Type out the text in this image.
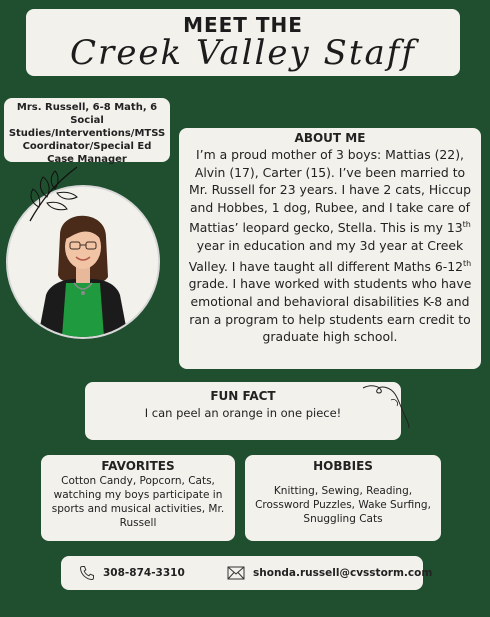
MEET THE
Creek Valley Staff
Mrs. Russell, 6-8 Math, 6 Social Studies/Interventions/MTSS Coordinator/Special Ed Case Manager
ABOUT ME
I’m a proud mother of 3 boys: Mattias (22), Alvin (17), Carter (15). I’ve been married to Mr. Russell for 23 years. I have 2 cats, Hiccup and Hobbes, 1 dog, Rubee, and I take care of Mattias’ leopard gecko, Stella. This is my 13th year in education and my 3d year at Creek Valley. I have taught all different Maths 6-12th grade. I have worked with students who have emotional and behavioral disabilities K-8 and ran a program to help students earn credit to graduate high school.
FUN FACT
I can peel an orange in one piece!
FAVORITES
Cotton Candy, Popcorn, Cats, watching my boys participate in sports and musical activities, Mr. Russell
HOBBIES
Knitting, Sewing, Reading, Crossword Puzzles, Wake Surfing, Snuggling Cats
308-874-3310	shonda.russell@cvsstorm.com
